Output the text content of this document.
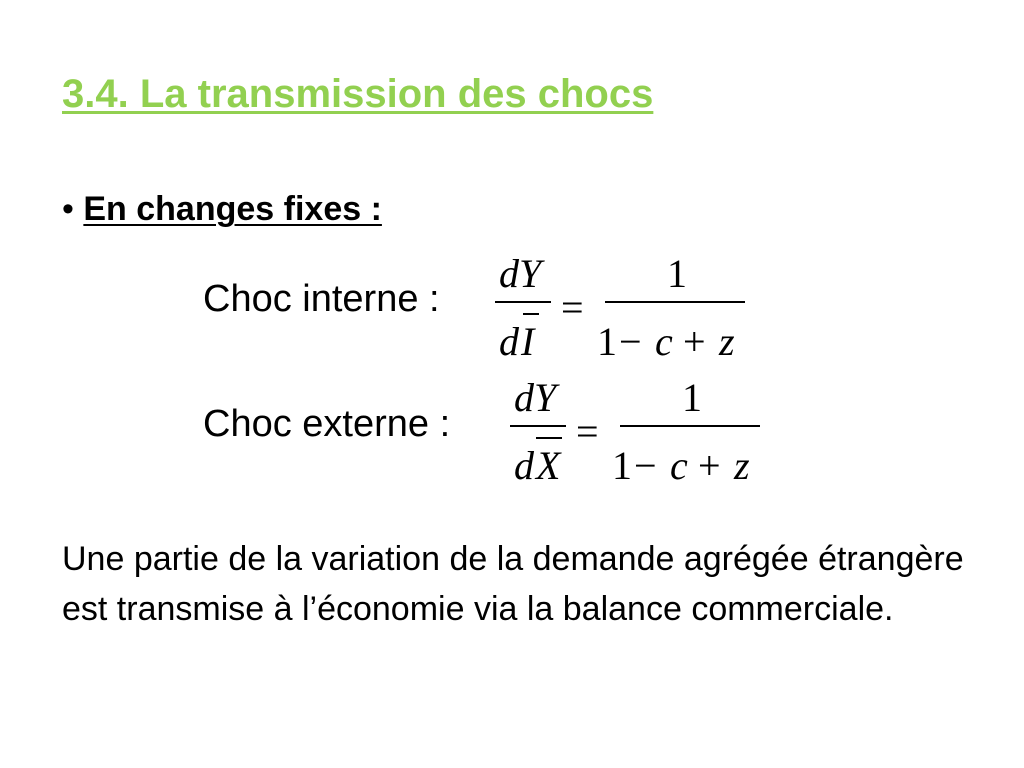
3.4. La transmission des chocs
• En changes fixes :
Choc interne :
dY
d I
=
1
1 − c + z
Choc externe :
dY
d X
=
1
1 − c + z

Une partie de la variation de la demande agrégée étrangère est transmise à l’économie via la balance commerciale.
